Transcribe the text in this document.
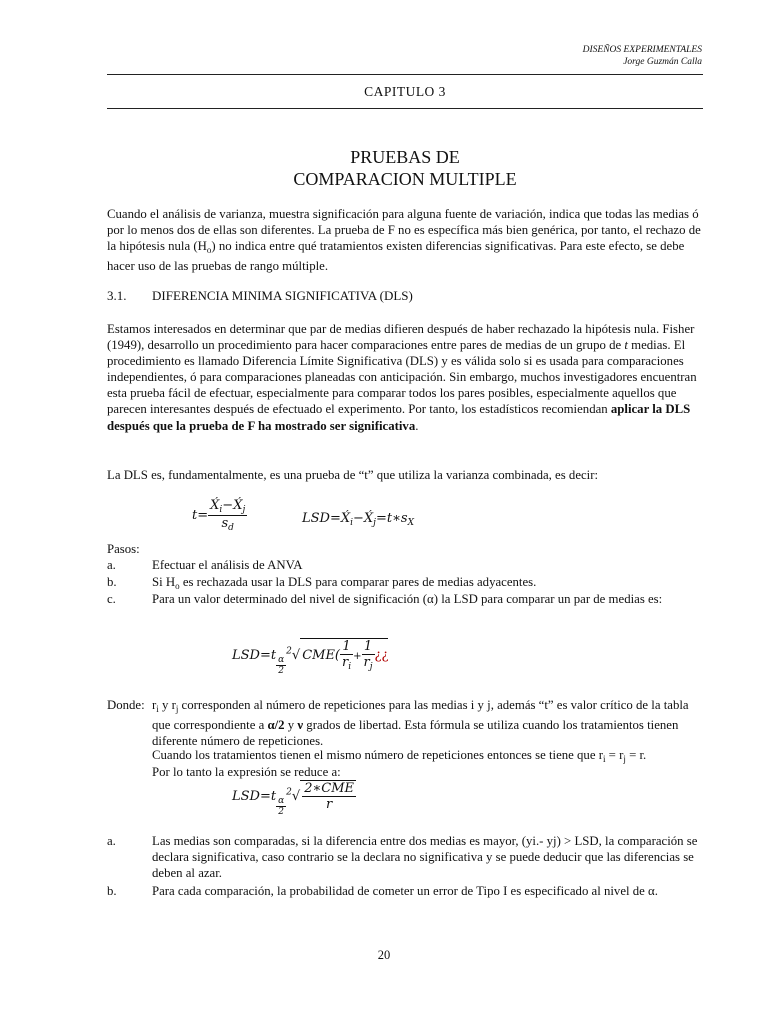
DISEÑOS EXPERIMENTALES
Jorge Guzmán Calla
CAPITULO 3
PRUEBAS DE
COMPARACION MULTIPLE
Cuando el análisis de varianza, muestra significación para alguna fuente de variación, indica que todas las medias ó por lo menos dos de ellas son diferentes. La prueba de F no es específica más bien genérica, por tanto, el rechazo de la hipótesis nula $(H_o)$ no indica entre qué tratamientos existen diferencias significativas. Para este efecto, se debe hacer uso de las pruebas de rango múltiple.
3.1. DIFERENCIA MINIMA SIGNIFICATIVA (DLS)
Estamos interesados en determinar que par de medias difieren después de haber rechazado la hipótesis nula. Fisher (1949), desarrollo un procedimiento para hacer comparaciones entre pares de medias de un grupo de t medias. El procedimiento es llamado Diferencia Límite Significativa (DLS) y es válida solo si es usada para comparaciones independientes, ó para comparaciones planeadas con anticipación. Sin embargo, muchos investigadores encuentran esta prueba fácil de efectuar, especialmente para comparar todos los pares posibles, especialmente aquellos que parecen interesantes después de efectuado el experimento. Por tanto, los estadísticos recomiendan aplicar la DLS después que la prueba de F ha mostrado ser significativa.
La DLS es, fundamentalmente, es una prueba de “t” que utiliza la varianza combinada, es decir:
$t= \frac{X́_i-X́_j}{s_d}$	$LSD=X́_i-X́_j=t∗s_X$
Pasos:
a.	Efectuar el análisis de ANVA
b.	Si $H_o$ es rechazada usar la DLS para comparar pares de medias adyacentes.
c.	Para un valor determinado del nivel de significación (α) la LSD para comparar un par de medias es:
$LSD=t \frac{\alpha}{2}$
$^2$√ $CME( \frac{1}{r_i} + \frac{1}{r_j}$ ¿¿
Donde: $r_i$ y $r_j$ corresponden al número de repeticiones para las medias i y j, además “t” es valor crítico de la tabla que correspondiente a α/2 y ν grados de libertad. Esta fórmula se utiliza cuando los tratamientos tienen diferente número de repeticiones.
Cuando los tratamientos tienen el mismo número de repeticiones entonces se tiene que $r_i = r_j = r$.
Por lo tanto la expresión se reduce a:
$LSD=t \frac{\alpha}{2}$
$^2√ \frac{\text{2∗CME}}{r}$
a.	Las medias son comparadas, si la diferencia entre dos medias es mayor, (yi.- yj) > LSD, la comparación se declara significativa, caso contrario se la declara no significativa y se puede deducir que las diferencias se deben al azar.
b.	Para cada comparación, la probabilidad de cometer un error de Tipo I es especificado al nivel de α.
20
